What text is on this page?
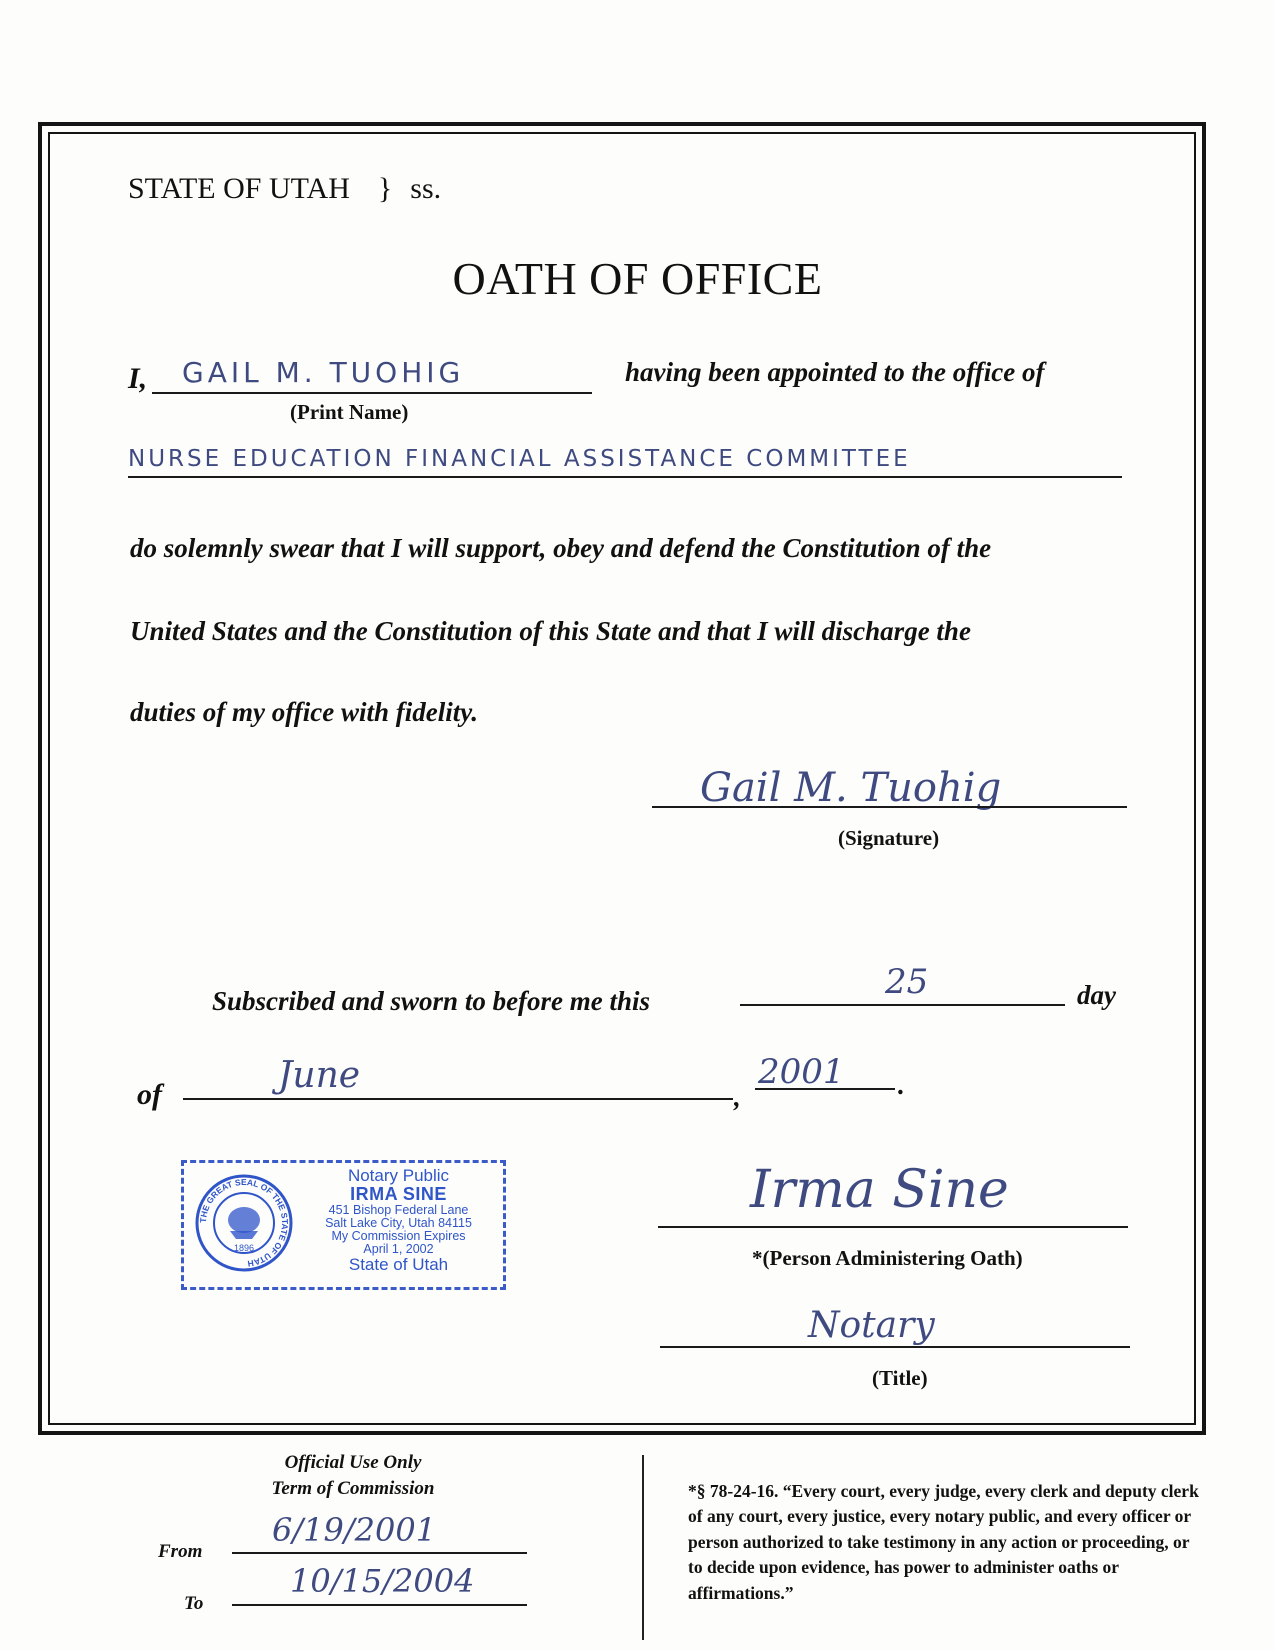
STATE OF UTAH } ss.
OATH OF OFFICE
I, GAIL M. TUOHIG
(Print Name)
having been appointed to the office of
NURSE EDUCATION FINANCIAL ASSISTANCE COMMITTEE
do solemnly swear that I will support, obey and defend the Constitution of the
United States and the Constitution of this State and that I will discharge the
duties of my office with fidelity.
Gail M. Tuohig
(Signature)
Subscribed and sworn to before me this	25	day
of	June
,
2001 .
THE GREAT SEAL OF THE STATE OF UTAH
1896
Notary Public
IRMA SINE
451 Bishop Federal Lane
Salt Lake City, Utah 84115
My Commission Expires
April 1, 2002
State of Utah
Irma Sine
*(Person Administering Oath)
Notary
(Title)
Official Use Only
Term of Commission
From
6/19/2001
To
10/15/2004
*§ 78-24-16. “Every court, every judge, every clerk and deputy clerk of any court, every justice, every notary public, and every officer or person authorized to take testimony in any action or proceeding, or to decide upon evidence, has power to administer oaths or affirmations.”
